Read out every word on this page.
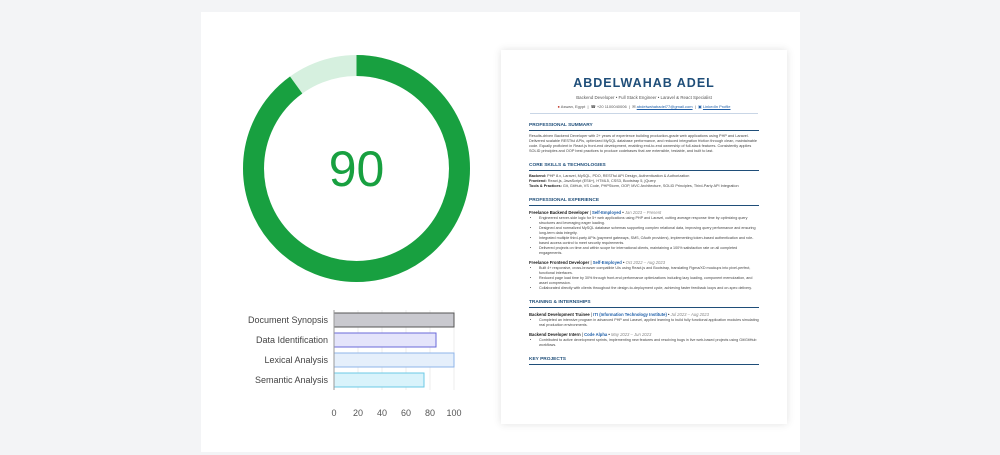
90
0 20 40 60 80 100
Document Synopsis
Data Identification
Lexical Analysis
Semantic Analysis
ABDELWAHAB ADEL
Backend Developer • Full Stack Engineer • Laravel & React Specialist
● Aswan, Egypt  |  ☎ +20 1100040006  |  ✉ abdelwahabadel77@gmail.com  |  ▣ LinkedIn Profile
PROFESSIONAL SUMMARY
Results-driven Backend Developer with 2+ years of experience building production-grade web applications using PHP and Laravel. Delivered scalable RESTful APIs, optimized MySQL database performance, and reduced integration friction through clean, maintainable code. Equally proficient in React.js front-end development, enabling end-to-end ownership of full-stack features. Consistently applies SOLID principles and OOP best practices to produce codebases that are extensible, testable, and built to last.
CORE SKILLS & TECHNOLOGIES
Backend: PHP 8.x, Laravel, MySQL, PDO, RESTful API Design, Authentication & Authorization
Frontend: React.js, JavaScript (ES6+), HTML5, CSS3, Bootstrap 5, jQuery
Tools & Practices: Git, GitHub, VS Code, PHPStorm, OOP, MVC Architecture, SOLID Principles, Third-Party API Integration
PROFESSIONAL EXPERIENCE
Freelance Backend Developer | Self-Employed • Jan 2023 – Present
• Engineered server-side logic for 5+ web applications using PHP and Laravel, cutting average response time by optimizing query structures and leveraging eager loading.
• Designed and normalized MySQL database schemas supporting complex relational data, improving query performance and ensuring long-term data integrity.
• Integrated multiple third-party APIs (payment gateways, SMS, OAuth providers), implementing token-based authentication and role-based access control to meet security requirements.
• Delivered projects on time and within scope for international clients, maintaining a 100% satisfaction rate on all completed engagements.
Freelance Frontend Developer | Self-Employed • Oct 2022 – Aug 2023
• Built 4+ responsive, cross-browser compatible UIs using React.js and Bootstrap, translating Figma/XD mockups into pixel-perfect, functional interfaces.
• Reduced page load time by 30% through front-end performance optimizations including lazy loading, component memoization, and asset compression.
• Collaborated directly with clients throughout the design-to-deployment cycle, achieving faster feedback loops and on-spec delivery.
TRAINING & INTERNSHIPS
Backend Development Trainee | ITI (Information Technology Institute) • Jul 2023 – Aug 2023
• Completed an intensive program in advanced PHP and Laravel, applied learning to build fully functional application modules simulating real production environments.
Backend Developer Intern | Code Alpha • May 2023 – Jun 2023
• Contributed to active development sprints, implementing new features and resolving bugs in live web-based projects using Git/GitHub workflows.
KEY PROJECTS
